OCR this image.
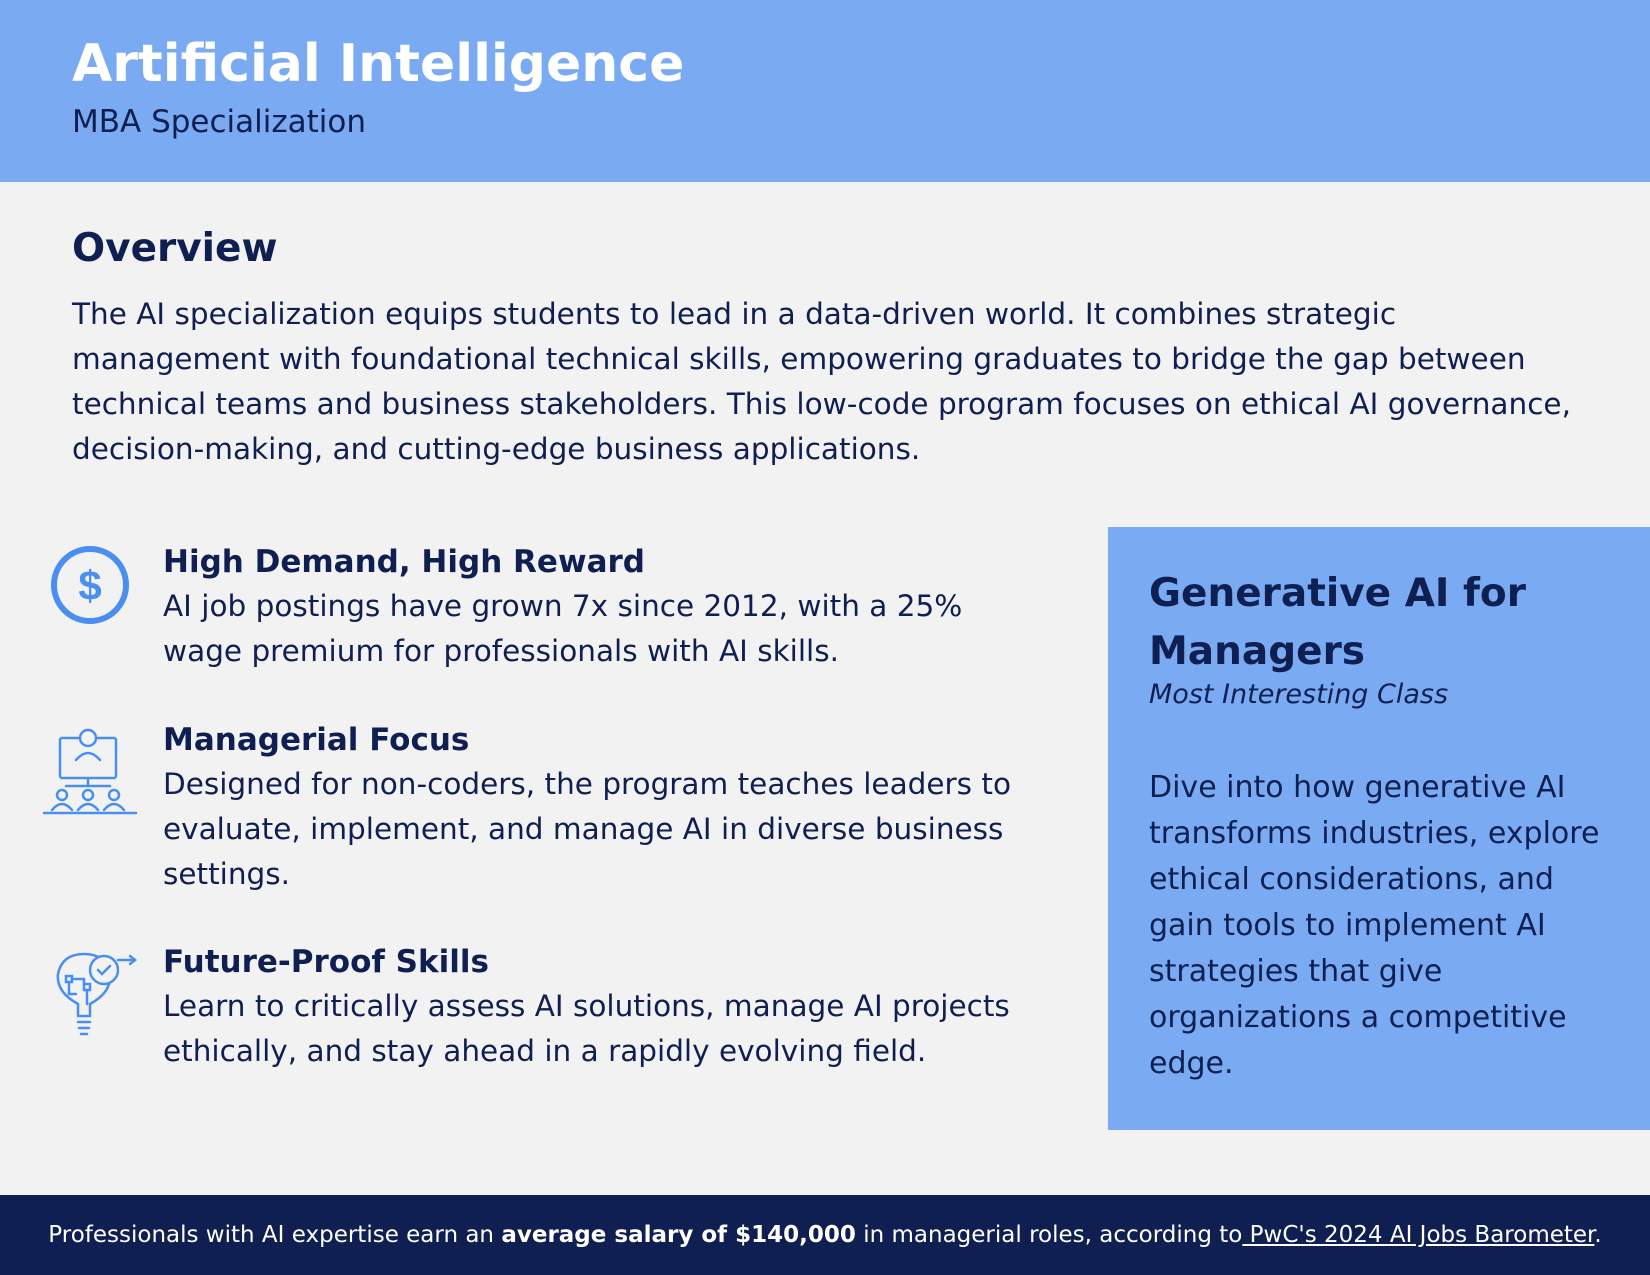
Artificial Intelligence
MBA Specialization
Overview

The AI specialization equips students to lead in a data-driven world. It combines strategic management with foundational technical skills, empowering graduates to bridge the gap between technical teams and business stakeholders. This low-code program focuses on ethical AI governance, decision-making, and cutting-edge business applications.

$ High Demand, High Reward

AI job postings have grown 7x since 2012, with a 25% wage premium for professionals with AI skills.

Managerial Focus

Designed for non-coders, the program teaches leaders to evaluate, implement, and manage AI in diverse business settings.

Future-Proof Skills

Learn to critically assess AI solutions, manage AI projects ethically, and stay ahead in a rapidly evolving field.

Generative AI for Managers
Most Interesting Class

Dive into how generative AI transforms industries, explore ethical considerations, and gain tools to implement AI strategies that give organizations a competitive edge.

Professionals with AI expertise earn an average salary of $140,000 in managerial roles, according to PwC's 2024 AI Jobs Barometer.
